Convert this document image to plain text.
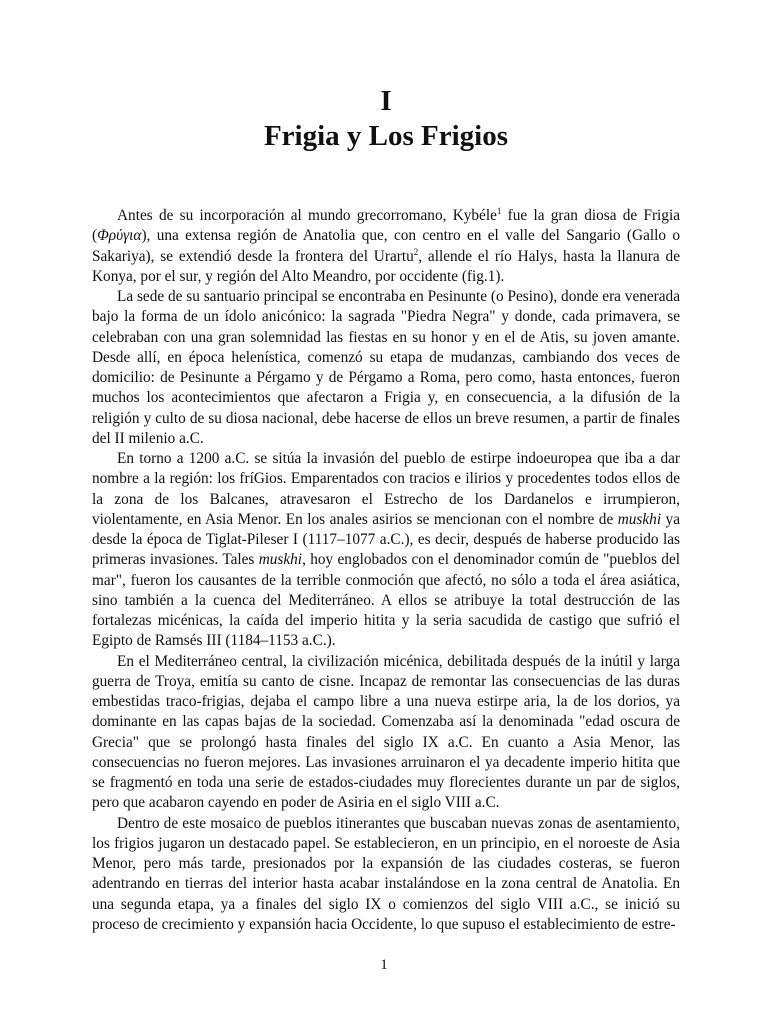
I
Frigia y Los Frigios

Antes de su incorporación al mundo grecorromano, Kybéle$^1$ fue la gran diosa de Frigia (Φρύγια), una extensa región de Anatolia que, con centro en el valle del Sangario (Gallo o Sakariya), se extendió desde la frontera del Urartu$^2$, allende el río Halys, hasta la llanura de Konya, por el sur, y región del Alto Meandro, por occidente (fig.1).

La sede de su santuario principal se encontraba en Pesinunte (o Pesino), donde era venerada bajo la forma de un ídolo anicónico: la sagrada "Piedra Negra" y donde, cada primavera, se celebraban con una gran solemnidad las fiestas en su honor y en el de Atis, su joven amante. Desde allí, en época helenística, comenzó su etapa de mudanzas, cambiando dos veces de domicilio: de Pesinunte a Pérgamo y de Pérgamo a Roma, pero como, hasta entonces, fueron muchos los acontecimientos que afectaron a Frigia y, en consecuencia, a la difusión de la religión y culto de su diosa nacional, debe hacerse de ellos un breve resumen, a partir de finales del II milenio a.C.

En torno a 1200 a.C. se sitúa la invasión del pueblo de estirpe indoeuropea que iba a dar nombre a la región: los fríGios. Emparentados con tracios e ilirios y procedentes todos ellos de la zona de los Balcanes, atravesaron el Estrecho de los Dardanelos e irrumpieron, violentamente, en Asia Menor. En los anales asirios se mencionan con el nombre de muskhi ya desde la época de Tiglat-Pileser I (1117–1077 a.C.), es decir, después de haberse producido las primeras invasiones. Tales muskhi, hoy englobados con el denominador común de "pueblos del mar", fueron los causantes de la terrible conmoción que afectó, no sólo a toda el área asiática, sino también a la cuenca del Mediterráneo. A ellos se atribuye la total destrucción de las fortalezas micénicas, la caída del imperio hitita y la seria sacudida de castigo que sufrió el Egipto de Ramsés III (1184–1153 a.C.).

En el Mediterráneo central, la civilización micénica, debilitada después de la inútil y larga guerra de Troya, emitía su canto de cisne. Incapaz de remontar las consecuencias de las duras embestidas traco-frigias, dejaba el campo libre a una nueva estirpe aria, la de los dorios, ya dominante en las capas bajas de la sociedad. Comenzaba así la denominada "edad oscura de Grecia" que se prolongó hasta finales del siglo IX a.C. En cuanto a Asia Menor, las consecuencias no fueron mejores. Las invasiones arruinaron el ya decadente imperio hitita que se fragmentó en toda una serie de estados-ciudades muy florecientes durante un par de siglos, pero que acabaron cayendo en poder de Asiria en el siglo VIII a.C.

Dentro de este mosaico de pueblos itinerantes que buscaban nuevas zonas de asentamiento, los frigios jugaron un destacado papel. Se establecieron, en un principio, en el noroeste de Asia Menor, pero más tarde, presionados por la expansión de las ciudades costeras, se fueron adentrando en tierras del interior hasta acabar instalándose en la zona central de Anatolia. En una segunda etapa, ya a finales del siglo IX o comienzos del siglo VIII a.C., se inició su proceso de crecimiento y expansión hacia Occidente, lo que supuso el establecimiento de estre-

1
